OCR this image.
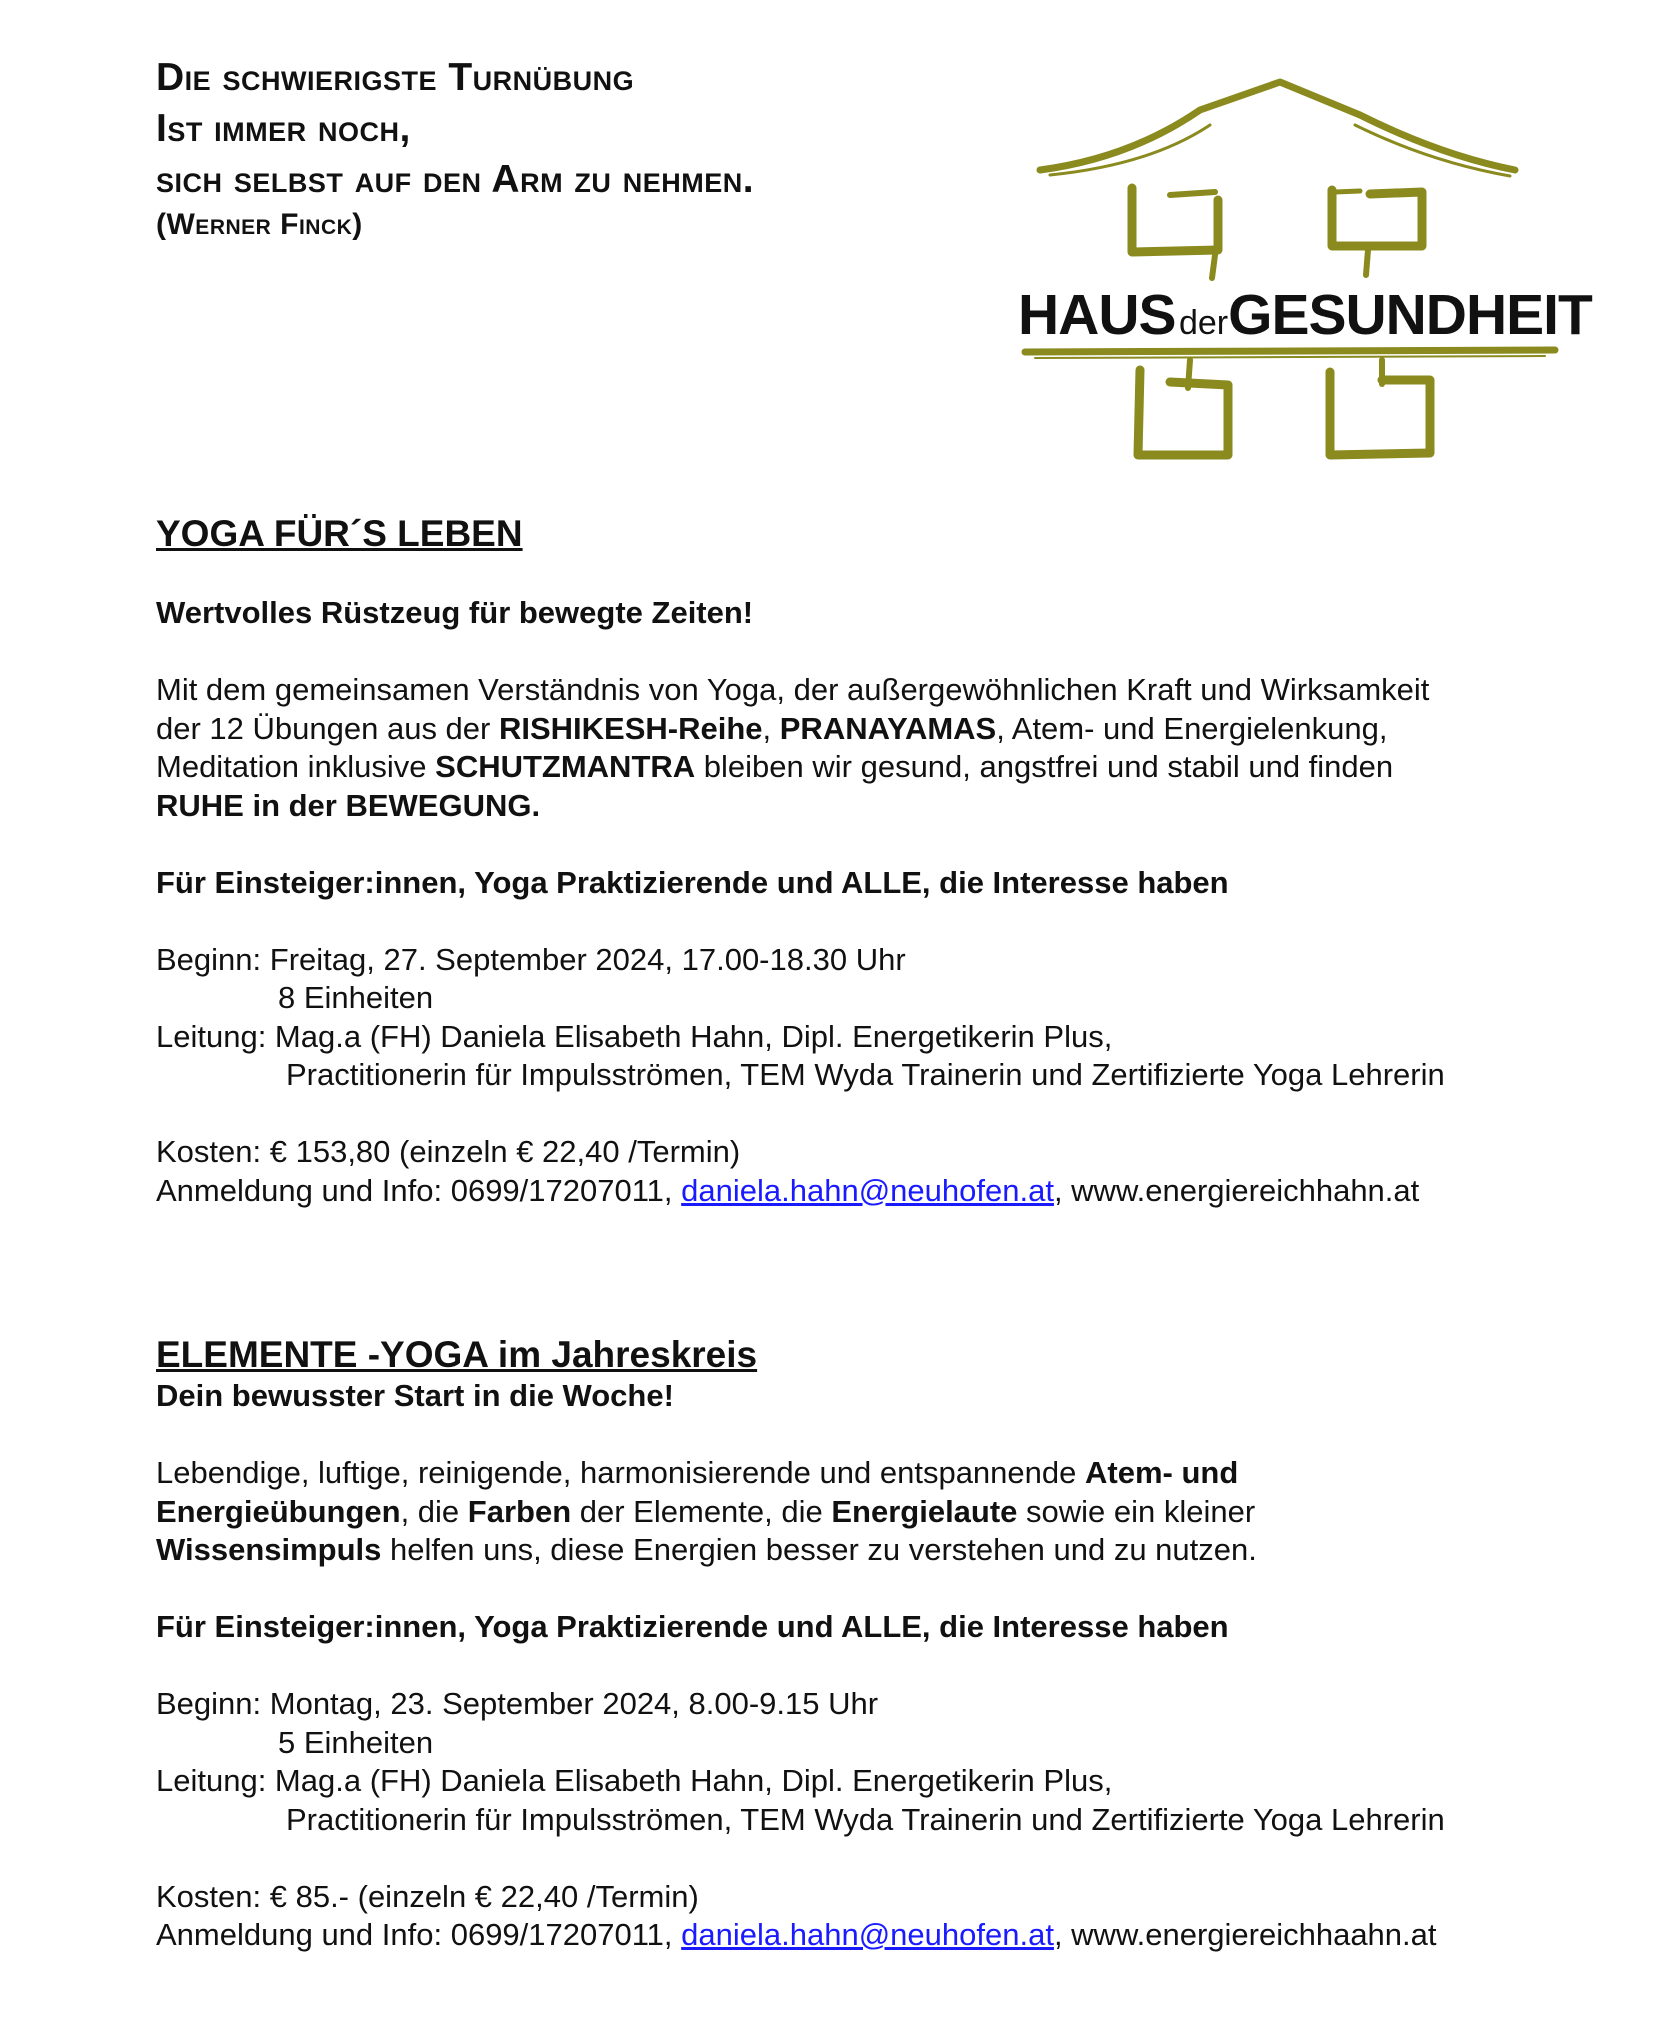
Die schwierigste Turnübung
Ist immer noch,
sich selbst auf den Arm zu nehmen.
(Werner Finck)
HAUS derGESUNDHEIT
YOGA FÜR´S LEBEN
Wertvolles Rüstzeug für bewegte Zeiten!
Mit dem gemeinsamen Verständnis von Yoga, der außergewöhnlichen Kraft und Wirksamkeit
der 12 Übungen aus der RISHIKESH-Reihe, PRANAYAMAS, Atem- und Energielenkung,
Meditation inklusive SCHUTZMANTRA bleiben wir gesund, angstfrei und stabil und finden
RUHE in der BEWEGUNG.
Für Einsteiger:innen, Yoga Praktizierende und ALLE, die Interesse haben
Beginn: Freitag, 27. September 2024, 17.00-18.30 Uhr
8 Einheiten
Leitung: Mag.a (FH) Daniela Elisabeth Hahn, Dipl. Energetikerin Plus,
Practitionerin für Impulsströmen, TEM Wyda Trainerin und Zertifizierte Yoga Lehrerin
Kosten: € 153,80 (einzeln € 22,40 /Termin)
Anmeldung und Info: 0699/17207011, daniela.hahn@neuhofen.at, www.energiereichhahn.at
ELEMENTE -YOGA im Jahreskreis
Dein bewusster Start in die Woche!
Lebendige, luftige, reinigende, harmonisierende und entspannende Atem- und
Energieübungen, die Farben der Elemente, die Energielaute sowie ein kleiner
Wissensimpuls helfen uns, diese Energien besser zu verstehen und zu nutzen.
Für Einsteiger:innen, Yoga Praktizierende und ALLE, die Interesse haben
Beginn: Montag, 23. September 2024, 8.00-9.15 Uhr
5 Einheiten
Leitung: Mag.a (FH) Daniela Elisabeth Hahn, Dipl. Energetikerin Plus,
Practitionerin für Impulsströmen, TEM Wyda Trainerin und Zertifizierte Yoga Lehrerin
Kosten: € 85.- (einzeln € 22,40 /Termin)
Anmeldung und Info: 0699/17207011, daniela.hahn@neuhofen.at, www.energiereichhaahn.at
